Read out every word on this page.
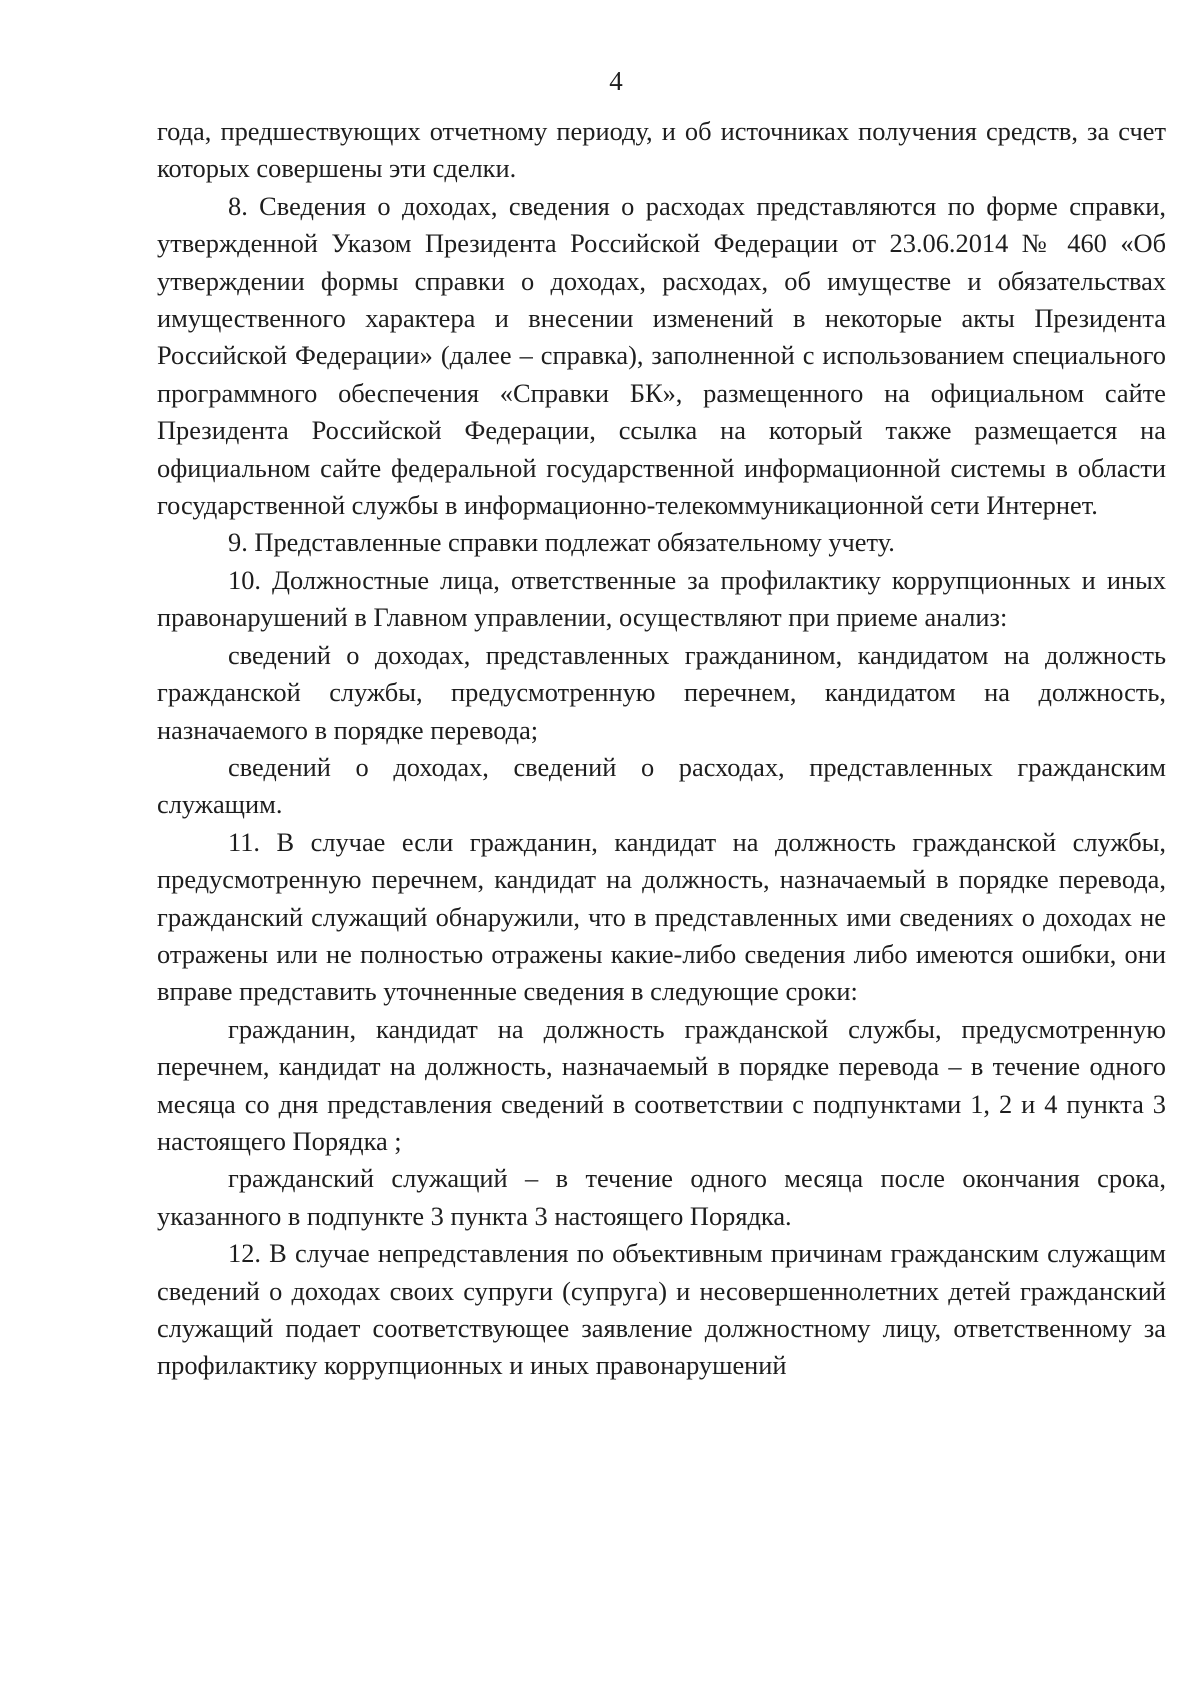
4

года, предшествующих отчетному периоду, и об источниках получения средств, за счет которых совершены эти сделки.

8. Сведения о доходах, сведения о расходах представляются по форме справки, утвержденной Указом Президента Российской Федерации от 23.06.2014 № 460 «Об утверждении формы справки о доходах, расходах, об имуществе и обязательствах имущественного характера и внесении изменений в некоторые акты Президента Российской Федерации» (далее – справка), заполненной с использованием специального программного обеспечения «Справки БК», размещенного на официальном сайте Президента Российской Федерации, ссылка на который также размещается на официальном сайте федеральной государственной информационной системы в области государственной службы в информационно-телекоммуникационной сети Интернет.

9. Представленные справки подлежат обязательному учету.

10. Должностные лица, ответственные за профилактику коррупционных и иных правонарушений в Главном управлении, осуществляют при приеме анализ:

сведений о доходах, представленных гражданином, кандидатом на должность гражданской службы, предусмотренную перечнем, кандидатом на должность, назначаемого в порядке перевода;

сведений о доходах, сведений о расходах, представленных гражданским служащим.

11. В случае если гражданин, кандидат на должность гражданской службы, предусмотренную перечнем, кандидат на должность, назначаемый в порядке перевода, гражданский служащий обнаружили, что в представленных ими сведениях о доходах не отражены или не полностью отражены какие-либо сведения либо имеются ошибки, они вправе представить уточненные сведения в следующие сроки:

гражданин, кандидат на должность гражданской службы, предусмотренную перечнем, кандидат на должность, назначаемый в порядке перевода – в течение одного месяца со дня представления сведений в соответствии с подпунктами 1, 2 и 4 пункта 3 настоящего Порядка ;

гражданский служащий – в течение одного месяца после окончания срока, указанного в подпункте 3 пункта 3 настоящего Порядка.

12. В случае непредставления по объективным причинам гражданским служащим сведений о доходах своих супруги (супруга) и несовершеннолетних детей гражданский служащий подает соответствующее заявление должностному лицу, ответственному за профилактику коррупционных и иных правонарушений
